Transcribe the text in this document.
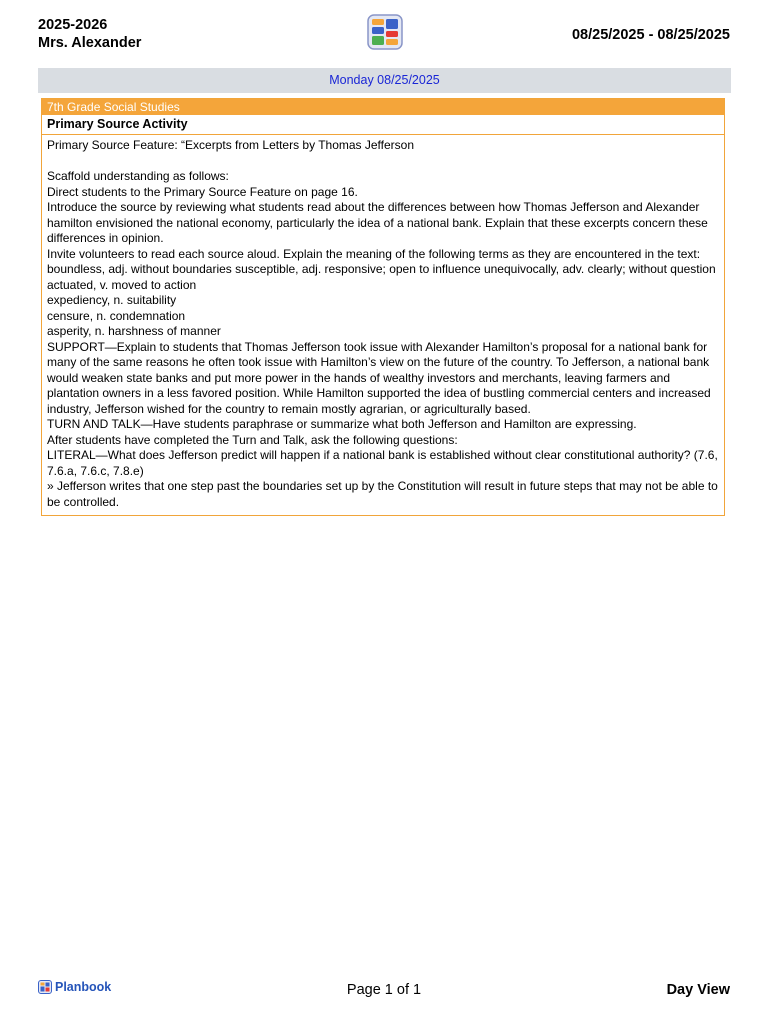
2025-2026
Mrs. Alexander	08/25/2025 - 08/25/2025
Monday 08/25/2025
7th Grade Social Studies
Primary Source Activity

Primary Source Feature: “Excerpts from Letters by Thomas Jefferson

Scaffold understanding as follows:

Direct students to the Primary Source Feature on page 16.

Introduce the source by reviewing what students read about the differences between how Thomas Jefferson and Alexander hamilton envisioned the national economy, particularly the idea of a national bank. Explain that these excerpts concern these differences in opinion.

Invite volunteers to read each source aloud. Explain the meaning of the following terms as they are encountered in the text:

boundless, adj. without boundaries susceptible, adj. responsive; open to influence unequivocally, adv. clearly; without question actuated, v. moved to action

expediency, n. suitability

censure, n. condemnation

asperity, n. harshness of manner

SUPPORT—Explain to students that Thomas Jefferson took issue with Alexander Hamilton’s proposal for a national bank for many of the same reasons he often took issue with Hamilton’s view on the future of the country. To Jefferson, a national bank would weaken state banks and put more power in the hands of wealthy investors and merchants, leaving farmers and plantation owners in a less favored position. While Hamilton supported the idea of bustling commercial centers and increased industry, Jefferson wished for the country to remain mostly agrarian, or agriculturally based.

TURN AND TALK—Have students paraphrase or summarize what both Jefferson and Hamilton are expressing.

After students have completed the Turn and Talk, ask the following questions:

LITERAL—What does Jefferson predict will happen if a national bank is established without clear constitutional authority? (7.6, 7.6.a, 7.6.c, 7.8.e)

» Jefferson writes that one step past the boundaries set up by the Constitution will result in future steps that may not be able to be controlled.

Planbook	Page 1 of 1	Day View
